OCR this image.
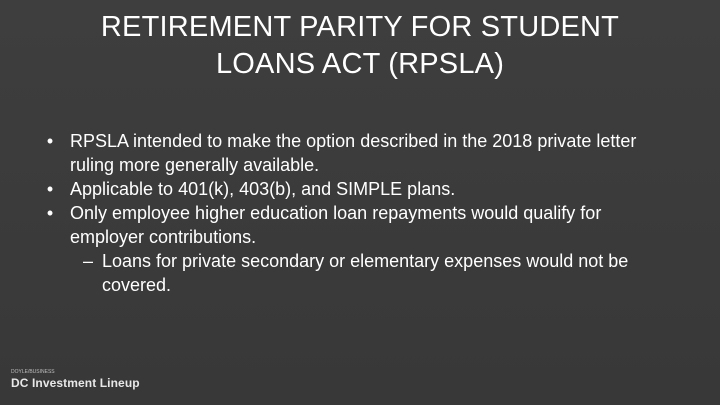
RETIREMENT PARITY FOR STUDENT
LOANS ACT (RPSLA)
• RPSLA intended to make the option described in the 2018 private letter ruling more generally available.
• Applicable to 401(k), 403(b), and SIMPLE plans.
• Only employee higher education loan repayments would qualify for employer contributions.
– Loans for private secondary or elementary expenses would not be covered.
DOYLE/BUSINESS
DC Investment Lineup
